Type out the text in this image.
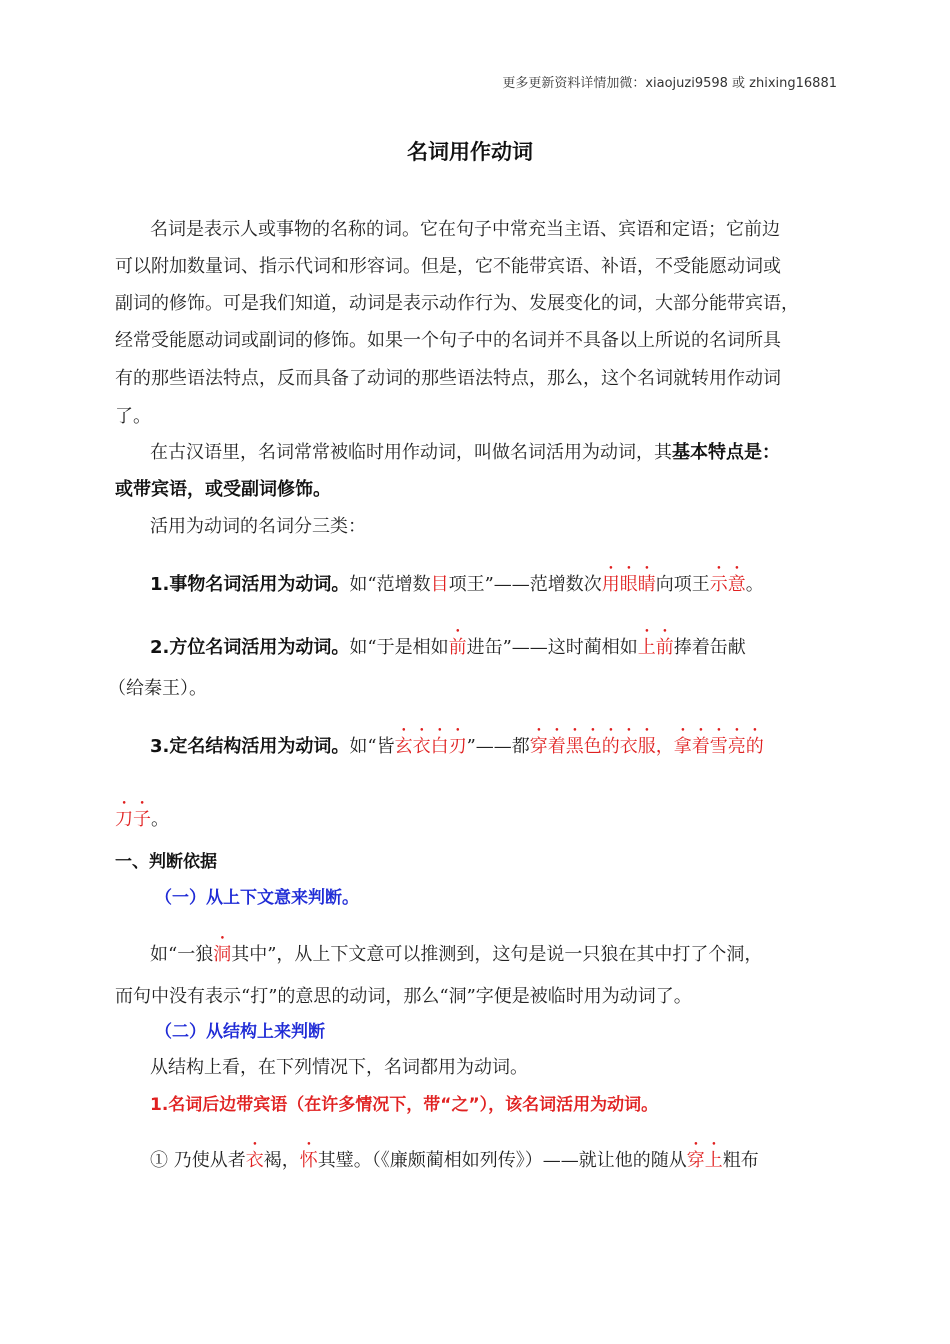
更多更新资料详情加微：xiaojuzi9598 或 zhixing16881
名词用作动词
名词是表示人或事物的名称的词。它在句子中常充当主语、宾语和定语；它前边
可以附加数量词、指示代词和形容词。但是，它不能带宾语、补语，不受能愿动词或
副词的修饰。可是我们知道，动词是表示动作行为、发展变化的词，大部分能带宾语，
经常受能愿动词或副词的修饰。如果一个句子中的名词并不具备以上所说的名词所具
有的那些语法特点，反而具备了动词的那些语法特点，那么，这个名词就转用作动词
了。
在古汉语里，名词常常被临时用作动词，叫做名词活用为动词，其基本特点是：
或带宾语，或受副词修饰。
活用为动词的名词分三类：
1.事物名词活用为动词。如“范增数目项王”——范增数次用眼睛向项王示意。
2.方位名词活用为动词。如“于是相如前进缶”——这时蔺相如上前捧着缶献
（给秦王）。
3.定名结构活用为动词。如“皆玄衣白刃”——都穿着黑色的衣服，拿着雪亮的
刀子。
一、判断依据
（一）从上下文意来判断。
如“一狼洞其中”，从上下文意可以推测到，这句是说一只狼在其中打了个洞，
而句中没有表示“打”的意思的动词，那么“洞”字便是被临时用为动词了。
（二）从结构上来判断
从结构上看，在下列情况下，名词都用为动词。
1.名词后边带宾语（在许多情况下，带“之”），该名词活用为动词。
① 乃使从者衣褐，怀其璧。（《廉颇蔺相如列传》）——就让他的随从穿上粗布
